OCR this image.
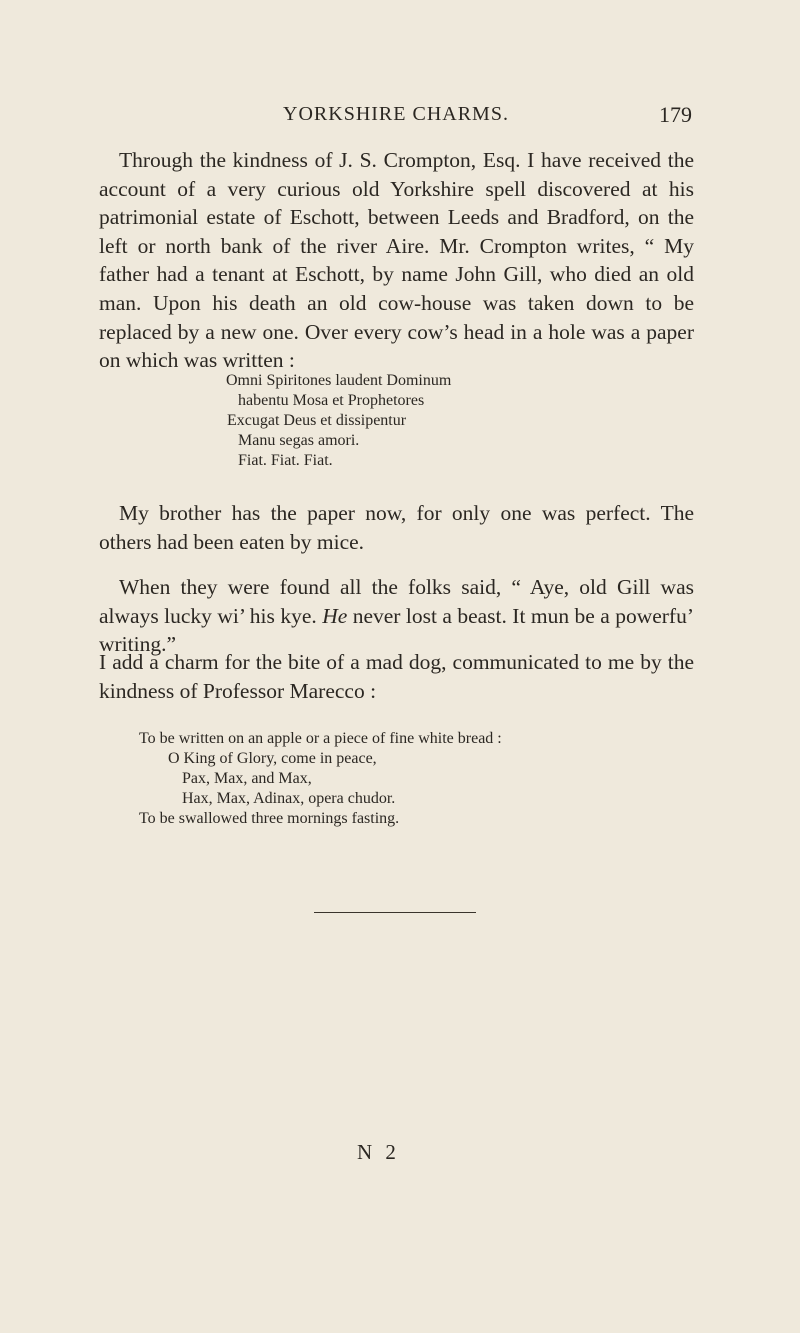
YORKSHIRE CHARMS.	179

Through the kindness of J. S. Crompton, Esq. I have received the account of a very curious old Yorkshire spell discovered at his patrimonial estate of Eschott, between Leeds and Bradford, on the left or north bank of the river Aire. Mr. Crompton writes, “ My father had a tenant at Eschott, by name John Gill, who died an old man. Upon his death an old cow-house was taken down to be replaced by a new one. Over every cow’s head in a hole was a paper on which was written :

Omni Spiritones laudent Dominum
habentu Mosa et Prophetores
Excugat Deus et dissipentur
Manu segas amori.
Fiat. Fiat. Fiat.

My brother has the paper now, for only one was perfect. The others had been eaten by mice.

When they were found all the folks said, “ Aye, old Gill was always lucky wi’ his kye. He never lost a beast. It mun be a powerfu’ writing.”

I add a charm for the bite of a mad dog, communicated to me by the kindness of Professor Marecco :

To be written on an apple or a piece of fine white bread :
O King of Glory, come in peace,
Pax, Max, and Max,
Hax, Max, Adinax, opera chudor.
To be swallowed three mornings fasting.
N 2
